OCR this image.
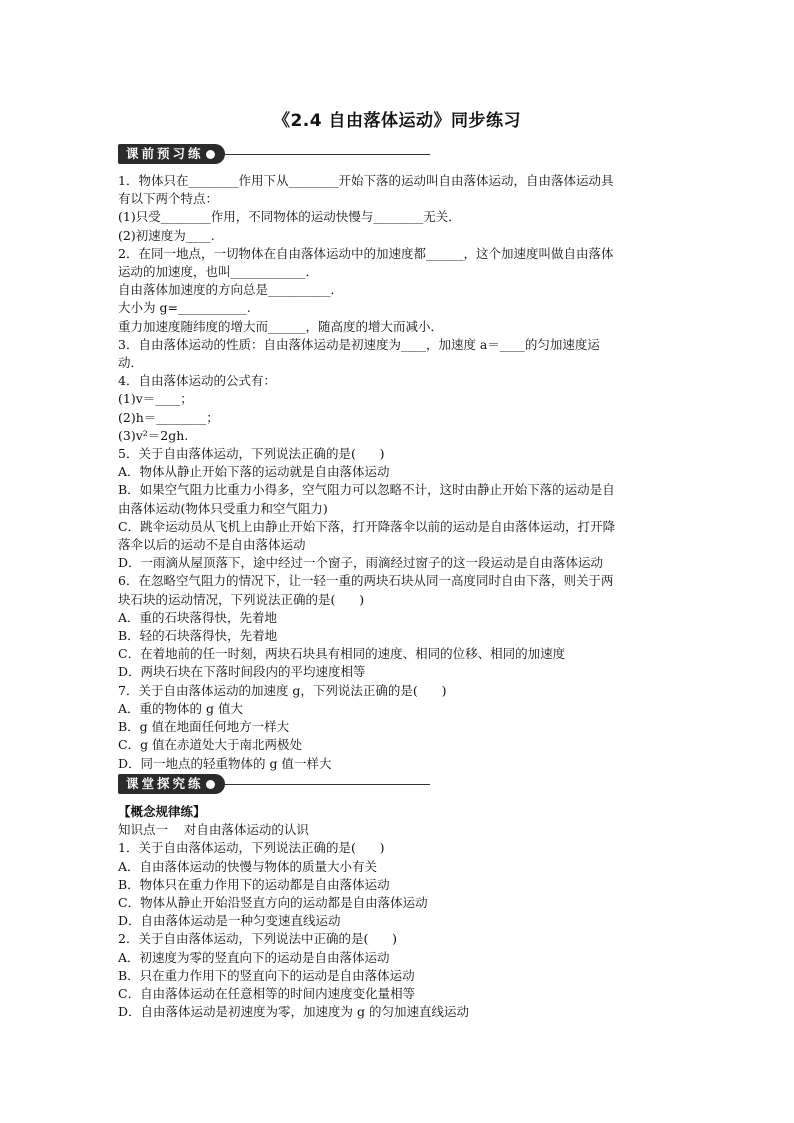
《2.4 自由落体运动》同步练习
课前预习练

1．物体只在________作用下从________开始下落的运动叫自由落体运动，自由落体运动具

有以下两个特点：

(1)只受________作用，不同物体的运动快慢与________无关．

(2)初速度为____.

2．在同一地点，一切物体在自由落体运动中的加速度都______，这个加速度叫做自由落体

运动的加速度，也叫____________．

自由落体加速度的方向总是__________．

大小为 g=___________.

重力加速度随纬度的增大而______，随高度的增大而减小．

3．自由落体运动的性质：自由落体运动是初速度为____，加速度 a＝____的匀加速度运

动．

4．自由落体运动的公式有：

(1)v＝____；

(2)h＝________；

(3)v²＝2gh.

5．关于自由落体运动，下列说法正确的是(      )

A．物体从静止开始下落的运动就是自由落体运动

B．如果空气阻力比重力小得多，空气阻力可以忽略不计，这时由静止开始下落的运动是自

由落体运动(物体只受重力和空气阻力)

C．跳伞运动员从飞机上由静止开始下落，打开降落伞以前的运动是自由落体运动，打开降

落伞以后的运动不是自由落体运动

D．一雨滴从屋顶落下，途中经过一个窗子，雨滴经过窗子的这一段运动是自由落体运动

6．在忽略空气阻力的情况下，让一轻一重的两块石块从同一高度同时自由下落，则关于两

块石块的运动情况，下列说法正确的是(      )

A．重的石块落得快，先着地

B．轻的石块落得快，先着地

C．在着地前的任一时刻，两块石块具有相同的速度、相同的位移、相同的加速度

D．两块石块在下落时间段内的平均速度相等

7．关于自由落体运动的加速度 g，下列说法正确的是(      )

A．重的物体的 g 值大

B．g 值在地面任何地方一样大

C．g 值在赤道处大于南北两极处

D．同一地点的轻重物体的 g 值一样大

课堂探究练

【概念规律练】

知识点一    对自由落体运动的认识

1．关于自由落体运动，下列说法正确的是(      )

A．自由落体运动的快慢与物体的质量大小有关

B．物体只在重力作用下的运动都是自由落体运动

C．物体从静止开始沿竖直方向的运动都是自由落体运动

D．自由落体运动是一种匀变速直线运动

2．关于自由落体运动，下列说法中正确的是(      )

A．初速度为零的竖直向下的运动是自由落体运动

B．只在重力作用下的竖直向下的运动是自由落体运动

C．自由落体运动在任意相等的时间内速度变化量相等

D．自由落体运动是初速度为零，加速度为 g 的匀加速直线运动
